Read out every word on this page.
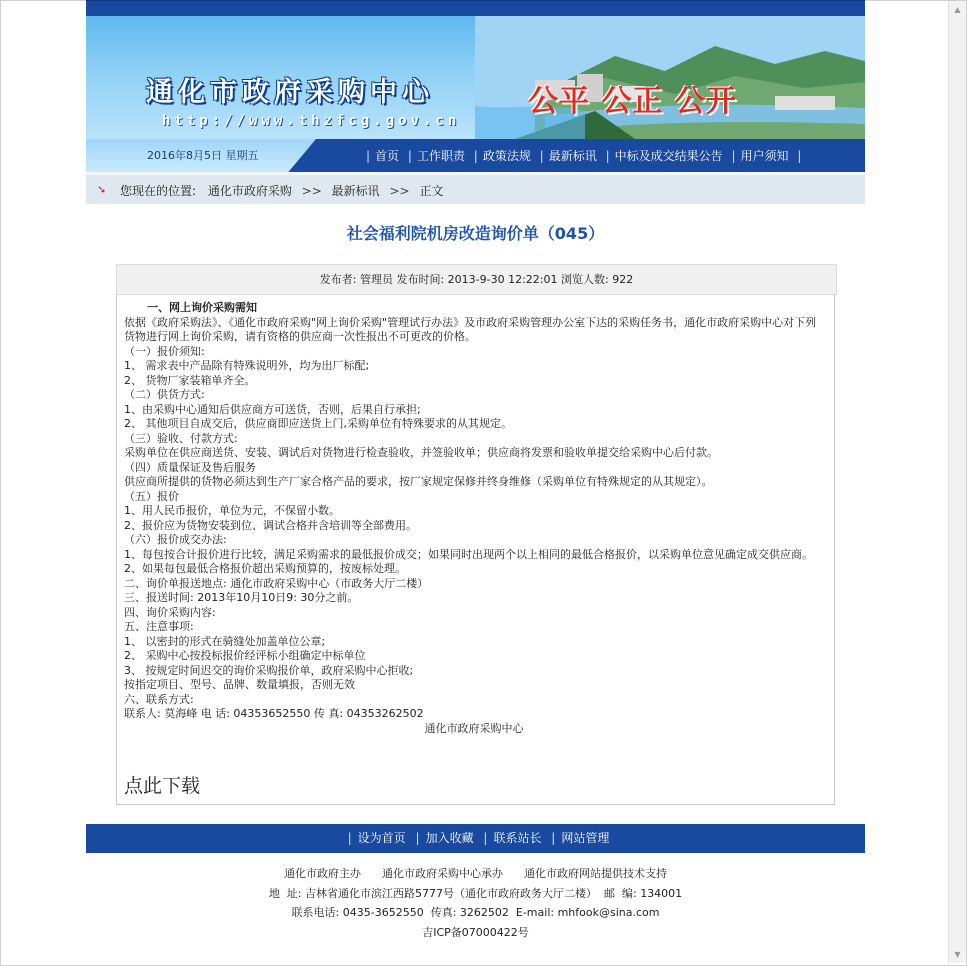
▲
▼
通化市政府采购中心
http://www.thzfcg.gov.cn
公平 公正 公开
2016年8月5日 星期五	| 首页 | 工作职责 | 政策法规 | 最新标讯 | 中标及成交结果公告 | 用户须知 |
➘ 您现在的位置: 通化市政府采购 >> 最新标讯 >> 正文
社会福利院机房改造询价单（045）
发布者: 管理员 发布时间: 2013-9-30 12:22:01 浏览人数: 922

一、网上询价采购需知

依据《政府采购法》、《通化市政府采购"网上询价采购"管理试行办法》及市政府采购管理办公室下达的采购任务书，通化市政府采购中心对下列货物进行网上询价采购，请有资格的供应商一次性报出不可更改的价格。

（一）报价须知:

1、 需求表中产品除有特殊说明外，均为出厂标配;

2、 货物厂家装箱单齐全。

（二）供货方式:

1、由采购中心通知后供应商方可送货，否则，后果自行承担;

2、 其他项目自成交后，供应商即应送货上门,采购单位有特殊要求的从其规定。

（三）验收、付款方式:

采购单位在供应商送货、安装、调试后对货物进行检查验收，并签验收单；供应商将发票和验收单提交给采购中心后付款。

（四）质量保证及售后服务

供应商所提供的货物必须达到生产厂家合格产品的要求，按厂家规定保修并终身维修（采购单位有特殊规定的从其规定）。

（五）报价

1、用人民币报价，单位为元，不保留小数。

2、报价应为货物安装到位、调试合格并含培训等全部费用。

（六）报价成交办法:

1、每包按合计报价进行比较，满足采购需求的最低报价成交；如果同时出现两个以上相同的最低合格报价，以采购单位意见确定成交供应商。

2、如果每包最低合格报价超出采购预算的，按废标处理。

二、询价单报送地点: 通化市政府采购中心（市政务大厅二楼）

三、报送时间: 2013年10月10日9: 30分之前。

四、询价采购内容:

五、注意事项:

1、 以密封的形式在骑缝处加盖单位公章;

2、 采购中心按投标报价经评标小组确定中标单位

3、 按规定时间迟交的询价采购报价单，政府采购中心拒收;

按指定项目、型号、品牌、数量填报，否则无效

六、联系方式:

联系人: 莫海峰 电 话: 04353652550 传 真: 04353262502

通化市政府采购中心

点此下载
| 设为首页 | 加入收藏 | 联系站长 | 网站管理

通化市政府主办      通化市政府采购中心承办      通化市政府网站提供技术支持

地  址: 吉林省通化市滨江西路5777号（通化市政府政务大厅二楼）  邮  编: 134001

联系电话: 0435-3652550  传真: 3262502  E-mail: mhfook@sina.com

吉ICP备07000422号
